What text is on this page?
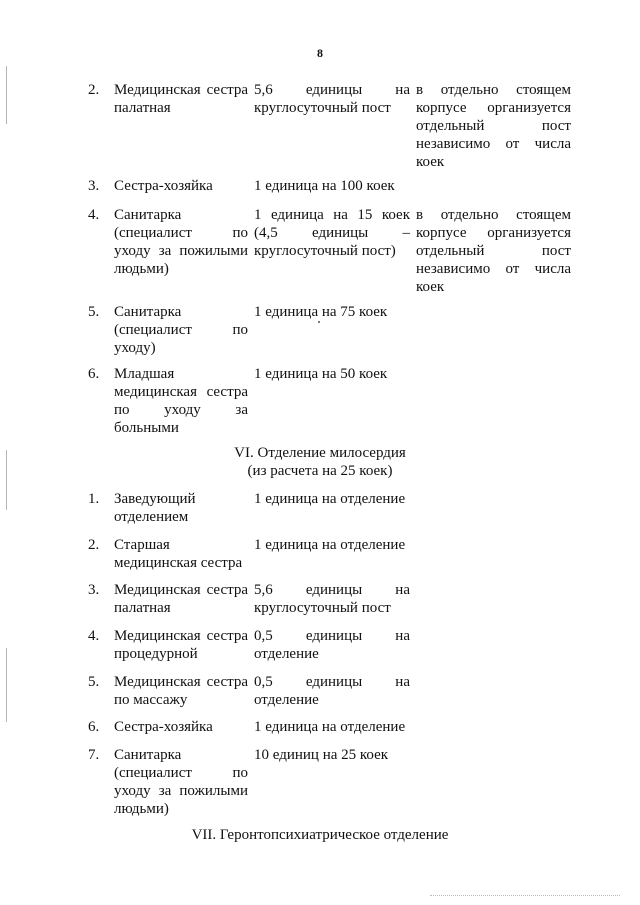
8
2. Медицинская сестра
палатная
5,6 единицы на
круглосуточный пост
в отдельно стоящем
корпусе организуется
отдельный пост
независимо от числа
коек
3. Сестра-хозяйка	1 единица на 100 коек
4. Санитарка
(специалист по
уходу за пожилыми
людьми)
1 единица на 15 коек
(4,5 единицы –
круглосуточный пост)
в отдельно стоящем
корпусе организуется
отдельный пост
независимо от числа
коек
5. Санитарка
(специалист по
уходу)
1 единица на 75 коек
6. Младшая
медицинская сестра
по уходу за
больными
1 единица на 50 коек
VI. Отделение милосердия
(из расчета на 25 коек)
1. Заведующий
отделением
1 единица на отделение
2. Старшая
медицинская сестра
1 единица на отделение
3. Медицинская сестра
палатная
5,6 единицы на
круглосуточный пост
4. Медицинская сестра
процедурной
0,5 единицы на
отделение
5. Медицинская сестра
по массажу
0,5 единицы на
отделение
6. Сестра-хозяйка	1 единица на отделение
7. Санитарка
(специалист по
уходу за пожилыми
людьми)
10 единиц на 25 коек
VII. Геронтопсихиатрическое отделение
